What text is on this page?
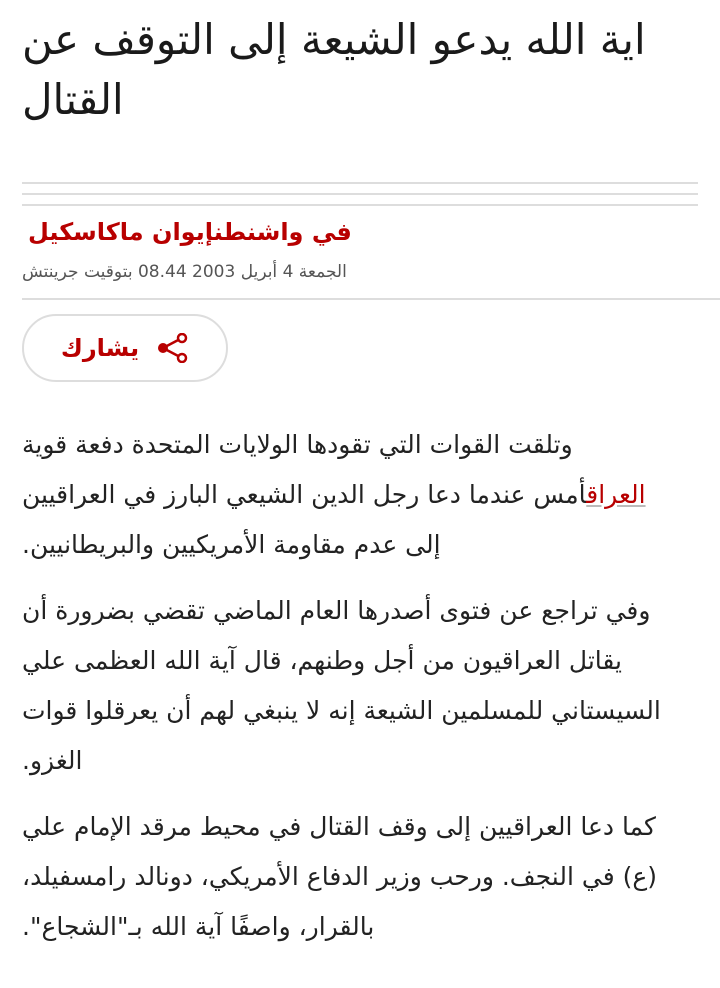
اية الله يدعو الشيعة إلى التوقف عن القتال
في واشنطنإيوان ماكاسكيل
الجمعة 4 أبريل 2003 08.44 بتوقيت جرينتش
يشارك

وتلقت القوات التي تقودها الولايات المتحدة دفعة قوية العراقأمس عندما دعا رجل الدين الشيعي البارز في العراقيين إلى عدم مقاومة الأمريكيين والبريطانيين.

وفي تراجع عن فتوى أصدرها العام الماضي تقضي بضرورة أن يقاتل العراقيون من أجل وطنهم، قال آية الله العظمى علي السيستاني للمسلمين الشيعة إنه لا ينبغي لهم أن يعرقلوا قوات الغزو.

كما دعا العراقيين إلى وقف القتال في محيط مرقد الإمام علي (ع) في النجف. ورحب وزير الدفاع الأمريكي، دونالد رامسفيلد، بالقرار، واصفًا آية الله بـ"الشجاع".
